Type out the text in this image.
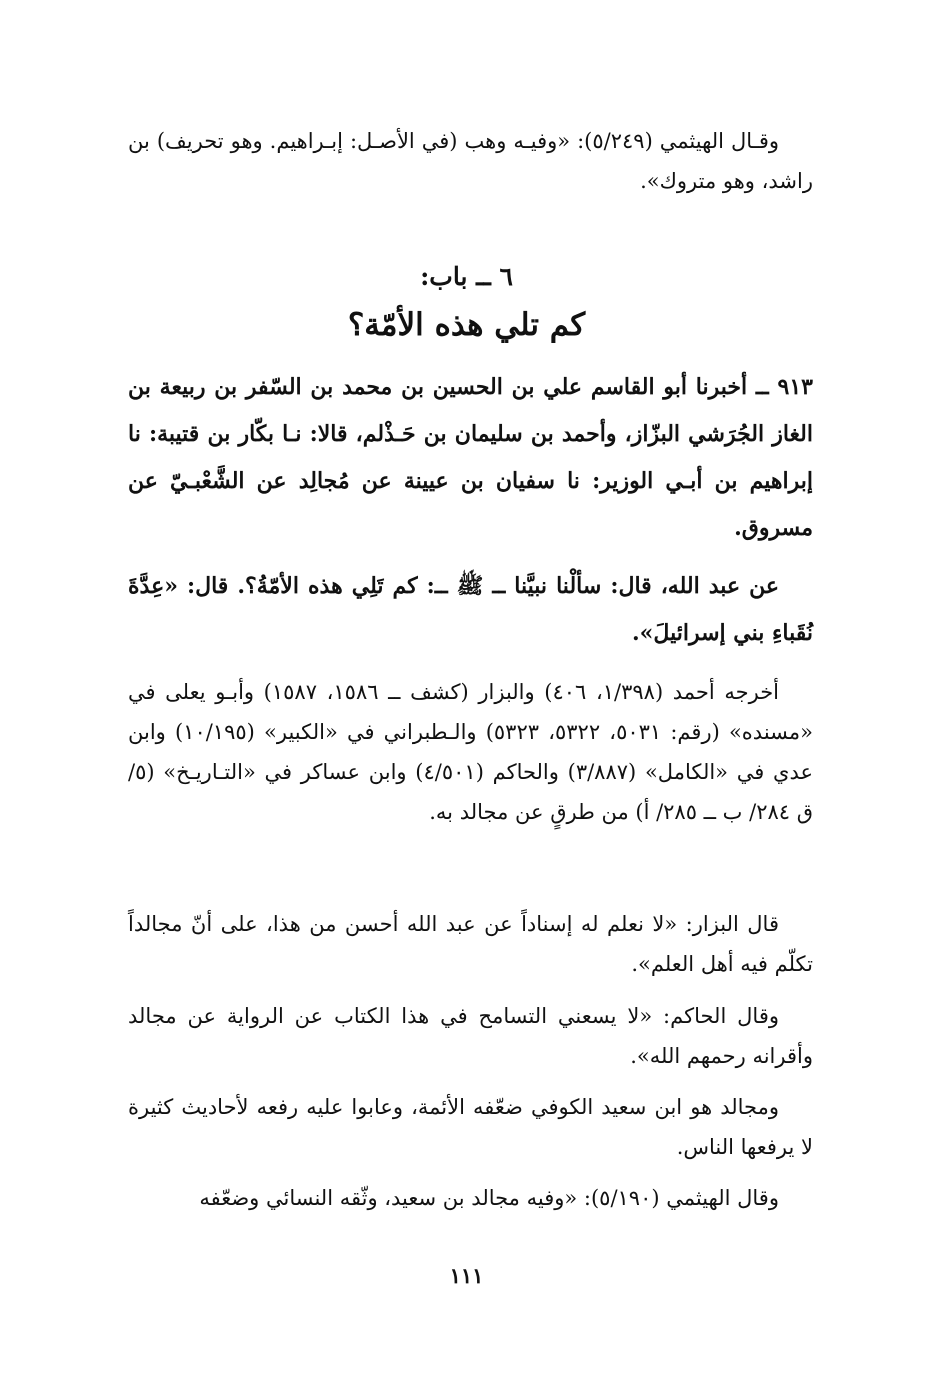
وقـال الهيثمي (٥/٢٤٩): «وفيـه وهب (في الأصـل: إبـراهيم. وهو تحريف) بن راشد، وهو متروك».

٦ ــ باب:
كم تلي هذه الأمّة؟

٩١٣ ــ أخبرنا أبو القاسم علي بن الحسين بن محمد بن السّفر بن ربيعة بن الغاز الجُرَشي البزّاز، وأحمد بن سليمان بن حَـذْلم، قالا: نـا بكّار بن قتيبة: نا إبراهيم بن أبـي الوزير: نا سفيان بن عيينة عن مُجالِد عن الشَّعْبـيّ عن مسروق.

عن عبد الله، قال: سألْنا نبيَّنا ــ ﷺ ــ: كم تَلِي هذه الأمّةُ؟. قال: «عِدَّةَ نُقَباءِ بني إسرائيلَ».

أخرجه أحمد (١/٣٩٨، ٤٠٦) والبزار (كشف ــ ١٥٨٦، ١٥٨٧) وأبـو يعلى في «مسنده» (رقم: ٥٠٣١، ٥٣٢٢، ٥٣٢٣) والـطبراني في «الكبير» (١٠/١٩٥) وابن عدي في «الكامل» (٣/٨٨٧) والحاكم (٤/٥٠١) وابن عساكر في «التـاريـخ» (٥/ ق ٢٨٤/ ب ــ ٢٨٥/ أ) من طرقٍ عن مجالد به.

قال البزار: «لا نعلم له إسناداً عن عبد الله أحسن من هذا، على أنّ مجالداً تكلّم فيه أهل العلم».

وقال الحاكم: «لا يسعني التسامح في هذا الكتاب عن الرواية عن مجالد وأقرانه رحمهم الله».

ومجالد هو ابن سعيد الكوفي ضعّفه الأئمة، وعابوا عليه رفعه لأحاديث كثيرة لا يرفعها الناس.

وقال الهيثمي (٥/١٩٠): «وفيه مجالد بن سعيد، وثّقه النسائي وضعّفه

١١١
